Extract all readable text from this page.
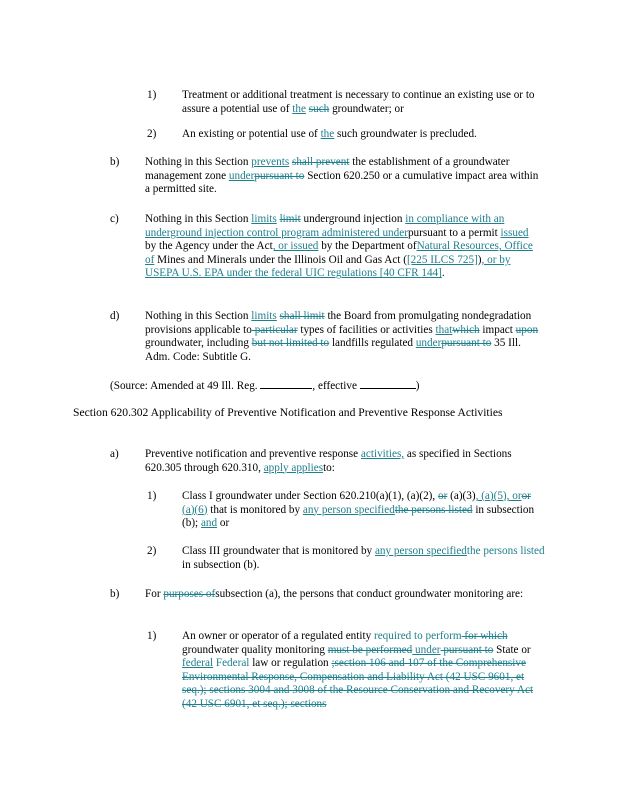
1) Treatment or additional treatment is necessary to continue an existing use or to assure a potential use of the such groundwater; or
2) An existing or potential use of the such groundwater is precluded.
b) Nothing in this Section prevents shall prevent the establishment of a groundwater management zone underpursuant to Section 620.250 or a cumulative impact area within a permitted site.
c) Nothing in this Section limits limit underground injection in compliance with an underground injection control program administered underpursuant to a permit issued by the Agency under the Act, or issued by the Department ofNatural Resources, Office of Mines and Minerals under the Illinois Oil and Gas Act ([225 ILCS 725]), or by USEPA U.S. EPA under the federal UIC regulations [40 CFR 144].
d) Nothing in this Section limits shall limit the Board from promulgating nondegradation provisions applicable to particular types of facilities or activities thatwhich impact upon groundwater, including but not limited to landfills regulated underpursuant to 35 Ill. Adm. Code: Subtitle G.
(Source: Amended at 49 Ill. Reg.	, effective	)
Section 620.302 Applicability of Preventive Notification and Preventive Response Activities
a) Preventive notification and preventive response activities, as specified in Sections 620.305 through 620.310, apply appliesto:
1) Class I groundwater under Section 620.210(a)(1), (a)(2), or (a)(3), (a)(5), oror (a)(6) that is monitored by any person specifiedthe persons listed in subsection (b); and or
2) Class III groundwater that is monitored by any person specifiedthe persons listed in subsection (b).
b) For purposes ofsubsection (a), the persons that conduct groundwater monitoring are:
1) An owner or operator of a regulated entity required to perform for which groundwater quality monitoring must be performed under pursuant to State or federal Federal law or regulation ;section 106 and 107 of the Comprehensive Environmental Response, Compensation and Liability Act (42 USC 9601, et seq.); sections 3004 and 3008 of the Resource Conservation and Recovery Act (42 USC 6901, et seq.); sections
